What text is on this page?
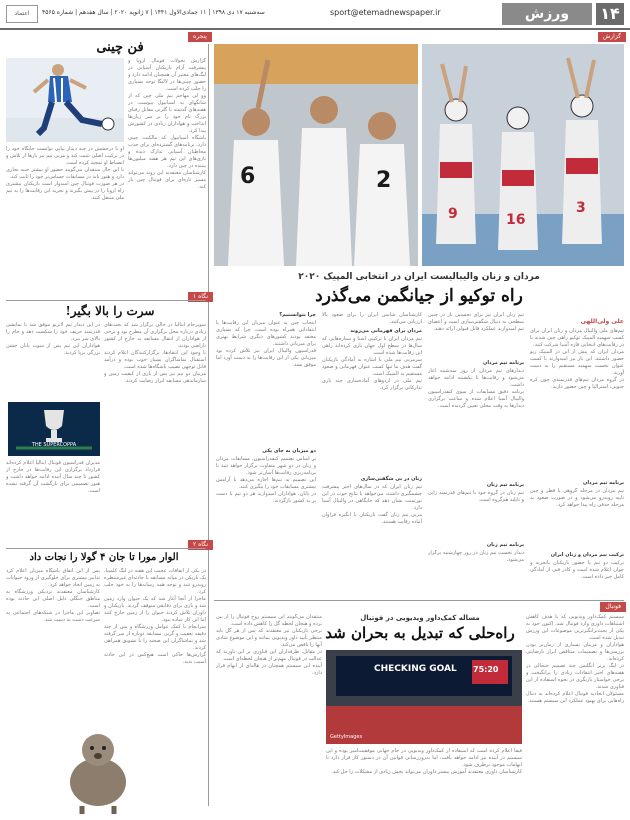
۱۴
ورزش
sport@etemadnewspaper.ir
سه‌شنبه ۱۷ دی ۱۳۹۸ | ۱۱ جمادی‌الاول ۱۴۴۱ | ۷ ژانویه ۲۰۲۰ | سال هفدهم | شماره ۴۵۶۵
اعتماد
گزارش
پنجره
فن چینی
گزارش تحولات فوتبال اروپا و پیشرفت آرام بازیکنان آسیایی در لیگ‌های معتبر آن همچنان ادامه دارد و حضور چینی‌ها در لالیگا توجه بسیاری را جلب کرده است.
وو لی مهاجم تیم ملی چین که از شانگهای به اسپانیول پیوست، در هفته‌های گذشته با گلزنی مقابل رقبای بزرگ نام خود را بر سر زبان‌ها انداخت و هواداران زیادی در کشورش پیدا کرد.
باشگاه اسپانیول که مالکیت چینی دارد، برنامه‌های گسترده‌ای برای جذب مخاطبان آسیایی تدارک دیده و بازی‌های این تیم هر هفته میلیون‌ها بیننده در چین دارد.
کارشناسان معتقدند این روند می‌تواند مسیر تازه‌ای برای فوتبال چین باز کند.
او با درخشش در چند دیدار پیاپی توانست جایگاه خود را در ترکیب اصلی تثبیت کند و مربی تیم نیز بارها از تلاش و انضباط او تمجید کرده است.
با این حال منتقدان می‌گویند حضور او بیشتر جنبه تجاری دارد و هنوز باید در مسابقات حساس‌تر خود را ثابت کند.
در هر صورت فوتبال چین امیدوار است بازیکنان بیشتری راه اروپا را در پیش بگیرند و تجربه این رقابت‌ها را به تیم ملی منتقل کنند.
نگاه ۱
سرت را بالا بگیر!
سوپرجام ایتالیا در حالی برگزار شد که بحث‌های زیادی درباره محل برگزاری آن مطرح بود و برخی از هواداران از انتقال مسابقه به خارج از کشور ناراضی بودند.
با وجود این انتقادها، برگزارکنندگان اعلام کردند استقبال تماشاگران بسیار خوب بوده و درآمد قابل توجهی نصیب باشگاه‌ها شده است.
مربیان دو تیم نیز پس از بازی از کیفیت زمین و سازماندهی مسابقه ابراز رضایت کردند.
THE SUPERCOPPA
در این دیدار تیم لاتزیو موفق شد با نمایشی قدرتمند حریف خود را شکست دهد و جام را بالای سر ببرد.
هواداران این تیم پس از سوت پایان جشن بزرگی برپا کردند.
مدیران فدراسیون فوتبال ایتالیا اعلام کرده‌اند قرارداد برگزاری این رقابت‌ها در خارج از کشور تا چند سال آینده ادامه خواهد داشت و هنوز تصمیمی برای بازگشت آن گرفته نشده است.
نگاه ۲
الوار مورا تا جان ۴ گولا را نجات داد
در یکی از اتفاقات عجیب این هفته در لیگ کلمبیا، یک بازیکن در میانه مسابقه با حادثه‌ای غیرمنتظره روبه‌رو شد و توجه همه رسانه‌ها را به خود جلب کرد.
ماجرا از آنجا آغاز شد که یک حیوان وارد زمین شد و بازی برای دقایقی متوقف گردید. بازیکنان و داوران تلاش کردند حیوان را از زمین خارج کنند اما این کار ساده نبود.
سرانجام با کمک عوامل ورزشگاه و پس از چند دقیقه تعقیب و گریز، مسابقه دوباره از سر گرفته شد و تماشاگران این صحنه را با تشویق همراهی کردند.
گزارش‌ها حاکی است هیچ‌کس در این حادثه آسیب ندید.
پس از این اتفاق باشگاه میزبان اعلام کرد تدابیر بیشتری برای جلوگیری از ورود حیوانات به زمین اتخاذ خواهد کرد.
کارشناسان معتقدند نزدیکی ورزشگاه به مناطق جنگلی دلیل اصلی این حادثه بوده است.
تصاویر این ماجرا در شبکه‌های اجتماعی به سرعت دست به دست شد.
9	16
3
6	2
مردان و زنان والیبالیست ایران در انتخابی المپیک ۲۰۲۰
راه توکیو از جیانگمن می‌گذرد
علی ولی‌اللهی
تیم‌های ملی والیبال مردان و زنان ایران برای کسب سهمیه المپیک توکیو راهی چین شدند تا در رقابت‌های انتخابی قاره آسیا شرکت کنند.
مردان ایران که پیش از این در المپیک ریو حضور داشتند، این بار نیز امیدوارند با کسب عنوان نخست سهمیه مستقیم را به دست آورند.
در گروه مردان تیم‌های قدرتمندی چون کره جنوبی، استرالیا و چین حضور دارند.
برنامه تیم مردان
تیم مردان در مرحله گروهی با قطر و چین تایپه روبه‌رو می‌شود و در صورت صعود به مرحله حذفی راه پیدا خواهد کرد.
ترکیب تیم مردان و زنان ایران
ترکیب دو تیم با حضور بازیکنان باتجربه و جوان اعلام شده است و کادر فنی از آمادگی کامل خبر داده است.
تیم زنان ایران نیز برای نخستین بار در چنین سطحی به دنبال شگفتی‌سازی است و اعضای تیم امیدوارند عملکرد قابل قبولی ارائه دهند.
برنامه تیم مردان
دیدارهای تیم مردان از روز سه‌شنبه آغاز می‌شود و رقابت‌ها تا یکشنبه ادامه خواهد داشت.
برنامه دقیق مسابقات از سوی کنفدراسیون والیبال آسیا اعلام شده و ساعت برگزاری دیدارها به وقت محلی تعیین گردیده است.
برنامه تیم زنان
تیم زنان در گروه خود با تیم‌های قدرتمند ژاپن و تایلند هم‌گروه است.
برنامه تیم زنان
دیدار نخست تیم زنان در روز چهارشنبه برگزار می‌شود.
کارشناسان شانس ایران را برای صعود بالا ارزیابی می‌کنند.
مردان برای قهرمانی می‌روند
تیم مردان ایران با ترکیبی آشنا و ستاره‌هایی که سال‌ها در سطح اول جهان بازی کرده‌اند راهی این رقابت‌ها شده است.
سرمربی تیم ملی با اشاره به آمادگی بازیکنان گفت هدف ما تنها کسب عنوان قهرمانی و صعود مستقیم به المپیک است.
تیم ملی در اردوهای آماده‌سازی چند بازی تدارکاتی برگزار کرد.
زنان در پی شگفتی‌سازی
تیم زنان ایران که در سال‌های اخیر پیشرفت چشمگیری داشته، می‌خواهد با نتایج خوب در این تورنمنت نشان دهد که جایگاهی در والیبال آسیا دارد.
مربی تیم زنان گفت بازیکنان با انگیزه فراوان آماده رقابت هستند.
چرا نتوانستیم؟
انتخاب چین به عنوان میزبان این رقابت‌ها با انتقاداتی همراه بوده است، چرا که بسیاری معتقد بودند کشورهای دیگری شرایط بهتری برای میزبانی داشتند.
فدراسیون والیبال ایران نیز تلاش کرده بود میزبانی یکی از این رقابت‌ها را به دست آورد اما موفق نشد.
دو میزبان به جای یکی
بر اساس تصمیم کنفدراسیون، مسابقات مردان و زنان در دو شهر متفاوت برگزار خواهد شد تا برنامه‌ریزی رقابت‌ها آسان‌تر شود.
این تصمیم به تیم‌ها اجازه می‌دهد با آرامش بیشتری مسابقات خود را پیگیری کنند.
در پایان، هواداران امیدوارند هر دو تیم با دست پر به کشور بازگردند.
فوتبال
مساله کمک‌داور ویدیویی در فوتبال
راه‌حلی که تبدیل به بحران شد
CHECKING GOAL 75:20
GettyImages
سیستم کمک‌داور ویدیویی که با هدف کاهش اشتباهات داوری وارد فوتبال شد، اکنون خود به یکی از بحث‌برانگیزترین موضوعات این ورزش تبدیل شده است.
هواداران و مربیان بسیاری از زمان‌بر بودن بررسی‌ها و تصمیمات متناقض ابراز نارضایتی کرده‌اند.
در لیگ برتر انگلیس چند تصمیم جنجالی در هفته‌های اخیر انتقادات زیادی را برانگیخت و برخی خواستار بازنگری در نحوه استفاده از این فناوری شدند.
مسئولان اتحادیه فوتبال اعلام کرده‌اند به دنبال راه‌هایی برای بهبود عملکرد این سیستم هستند.
منتقدان می‌گویند این سیستم روح فوتبال را از بین برده و هیجان لحظه گل را کاهش داده است.
برخی بازیکنان نیز معتقدند که پس از هر گل باید منتظر تأیید داور ویدیویی بمانند و این موضوع شادی آنها را ناقص می‌کند.
در مقابل، طرفداران این فناوری بر این باورند که عدالت در فوتبال مهم‌تر از هیجان لحظه‌ای است.
آینده این سیستم همچنان در هاله‌ای از ابهام قرار دارد.
فیفا اعلام کرده است که استفاده از کمک‌داور ویدیویی در جام جهانی موفقیت‌آمیز بوده و این سیستم در آینده نیز ادامه خواهد یافت، اما به‌روزرسانی قوانین آن در دستور کار قرار دارد تا ابهامات موجود برطرف شود.
کارشناسان داوری معتقدند آموزش بیشتر داوران می‌تواند بخش زیادی از مشکلات را حل کند.
